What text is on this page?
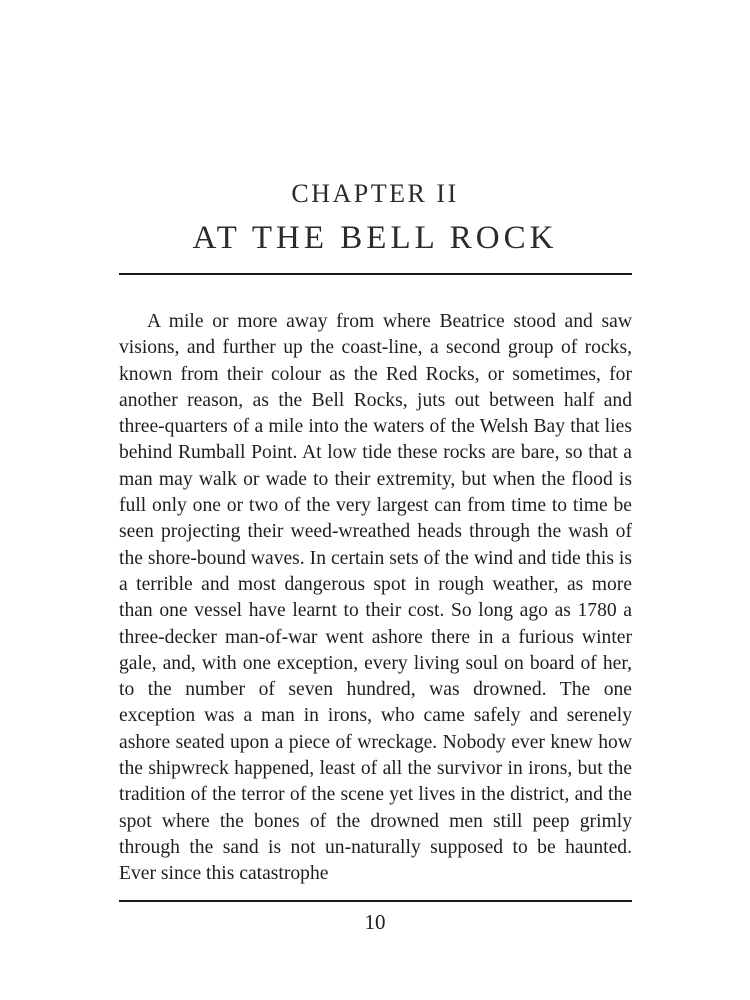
CHAPTER II
AT THE BELL ROCK

A mile or more away from where Beatrice stood and saw visions, and further up the coast-line, a second group of rocks, known from their colour as the Red Rocks, or sometimes, for another reason, as the Bell Rocks, juts out between half and three-quarters of a mile into the waters of the Welsh Bay that lies behind Rumball Point. At low tide these rocks are bare, so that a man may walk or wade to their extremity, but when the flood is full only one or two of the very largest can from time to time be seen projecting their weed-wreathed heads through the wash of the shore-bound waves. In certain sets of the wind and tide this is a terrible and most dangerous spot in rough weather, as more than one vessel have learnt to their cost. So long ago as 1780 a three-decker man-of-war went ashore there in a furious winter gale, and, with one exception, every living soul on board of her, to the number of seven hundred, was drowned. The one exception was a man in irons, who came safely and serenely ashore seated upon a piece of wreckage. Nobody ever knew how the shipwreck happened, least of all the survivor in irons, but the tradition of the terror of the scene yet lives in the district, and the spot where the bones of the drowned men still peep grimly through the sand is not un-naturally supposed to be haunted. Ever since this catastrophe

10
